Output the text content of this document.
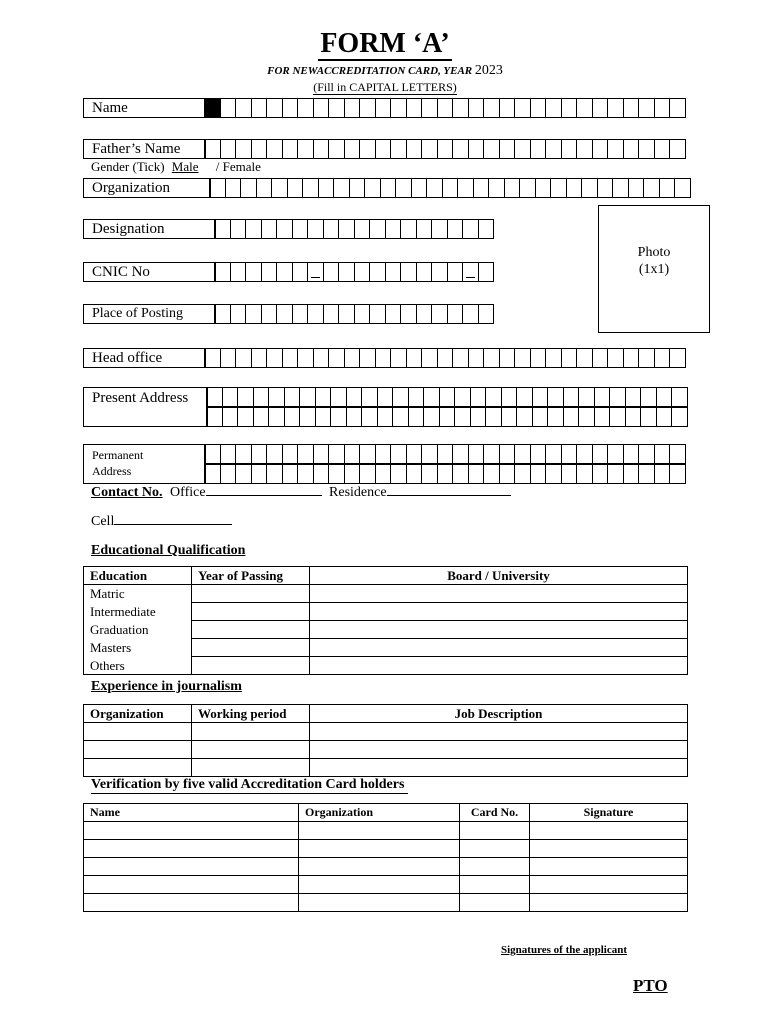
FORM ‘A’
FOR NEWACCREDITATION CARD, YEAR 2023
(Fill in CAPITAL LETTERS)
Name
Father’s Name
Gender (Tick) Male / Female
Organization
Designation
CNIC No
Place of Posting
Photo
(1x1)
Head office
Present Address
Permanent
Address
Contact No. Office	Residence
Cell
Educational Qualification
Education	Year of Passing	Board / University
Matric		
Intermediate		
Graduation		
Masters		
Others		
Experience in journalism
Organization	Working period	Job Description

Verification by five valid Accreditation Card holders
Name	Organization	Card No.	Signature

Signatures of the applicant
PTO
